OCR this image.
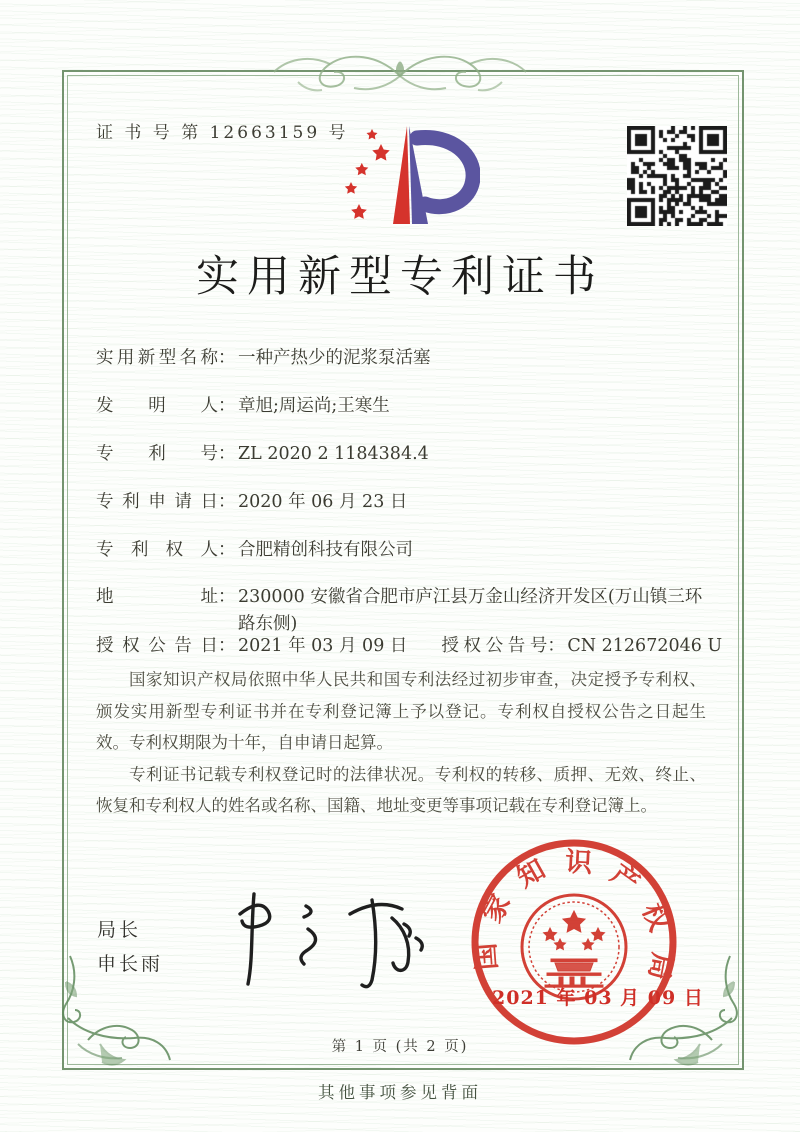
证 书 号 第 12663159 号
实用新型专利证书
实用新型名称： 一种产热少的泥浆泵活塞
发明人： 章旭;周运尚;王寒生
专利号： ZL 2020 2 1184384.4
专利申请日： 2020 年 06 月 23 日
专利权人： 合肥精创科技有限公司
地址： 230000 安徽省合肥市庐江县万金山经济开发区(万山镇三环路东侧)
授权公告日： 2021 年 03 月 09 日 授权公告号： CN 212672046 U

国家知识产权局依照中华人民共和国专利法经过初步审查，决定授予专利权、颁发实用新型专利证书并在专利登记簿上予以登记。专利权自授权公告之日起生效。专利权期限为十年，自申请日起算。

专利证书记载专利权登记时的法律状况。专利权的转移、质押、无效、终止、恢复和专利权人的姓名或名称、国籍、地址变更等事项记载在专利登记簿上。

局长
申长雨	国家知识产权局
2021 年 03 月 09 日
第 1 页 (共 2 页)
其他事项参见背面
